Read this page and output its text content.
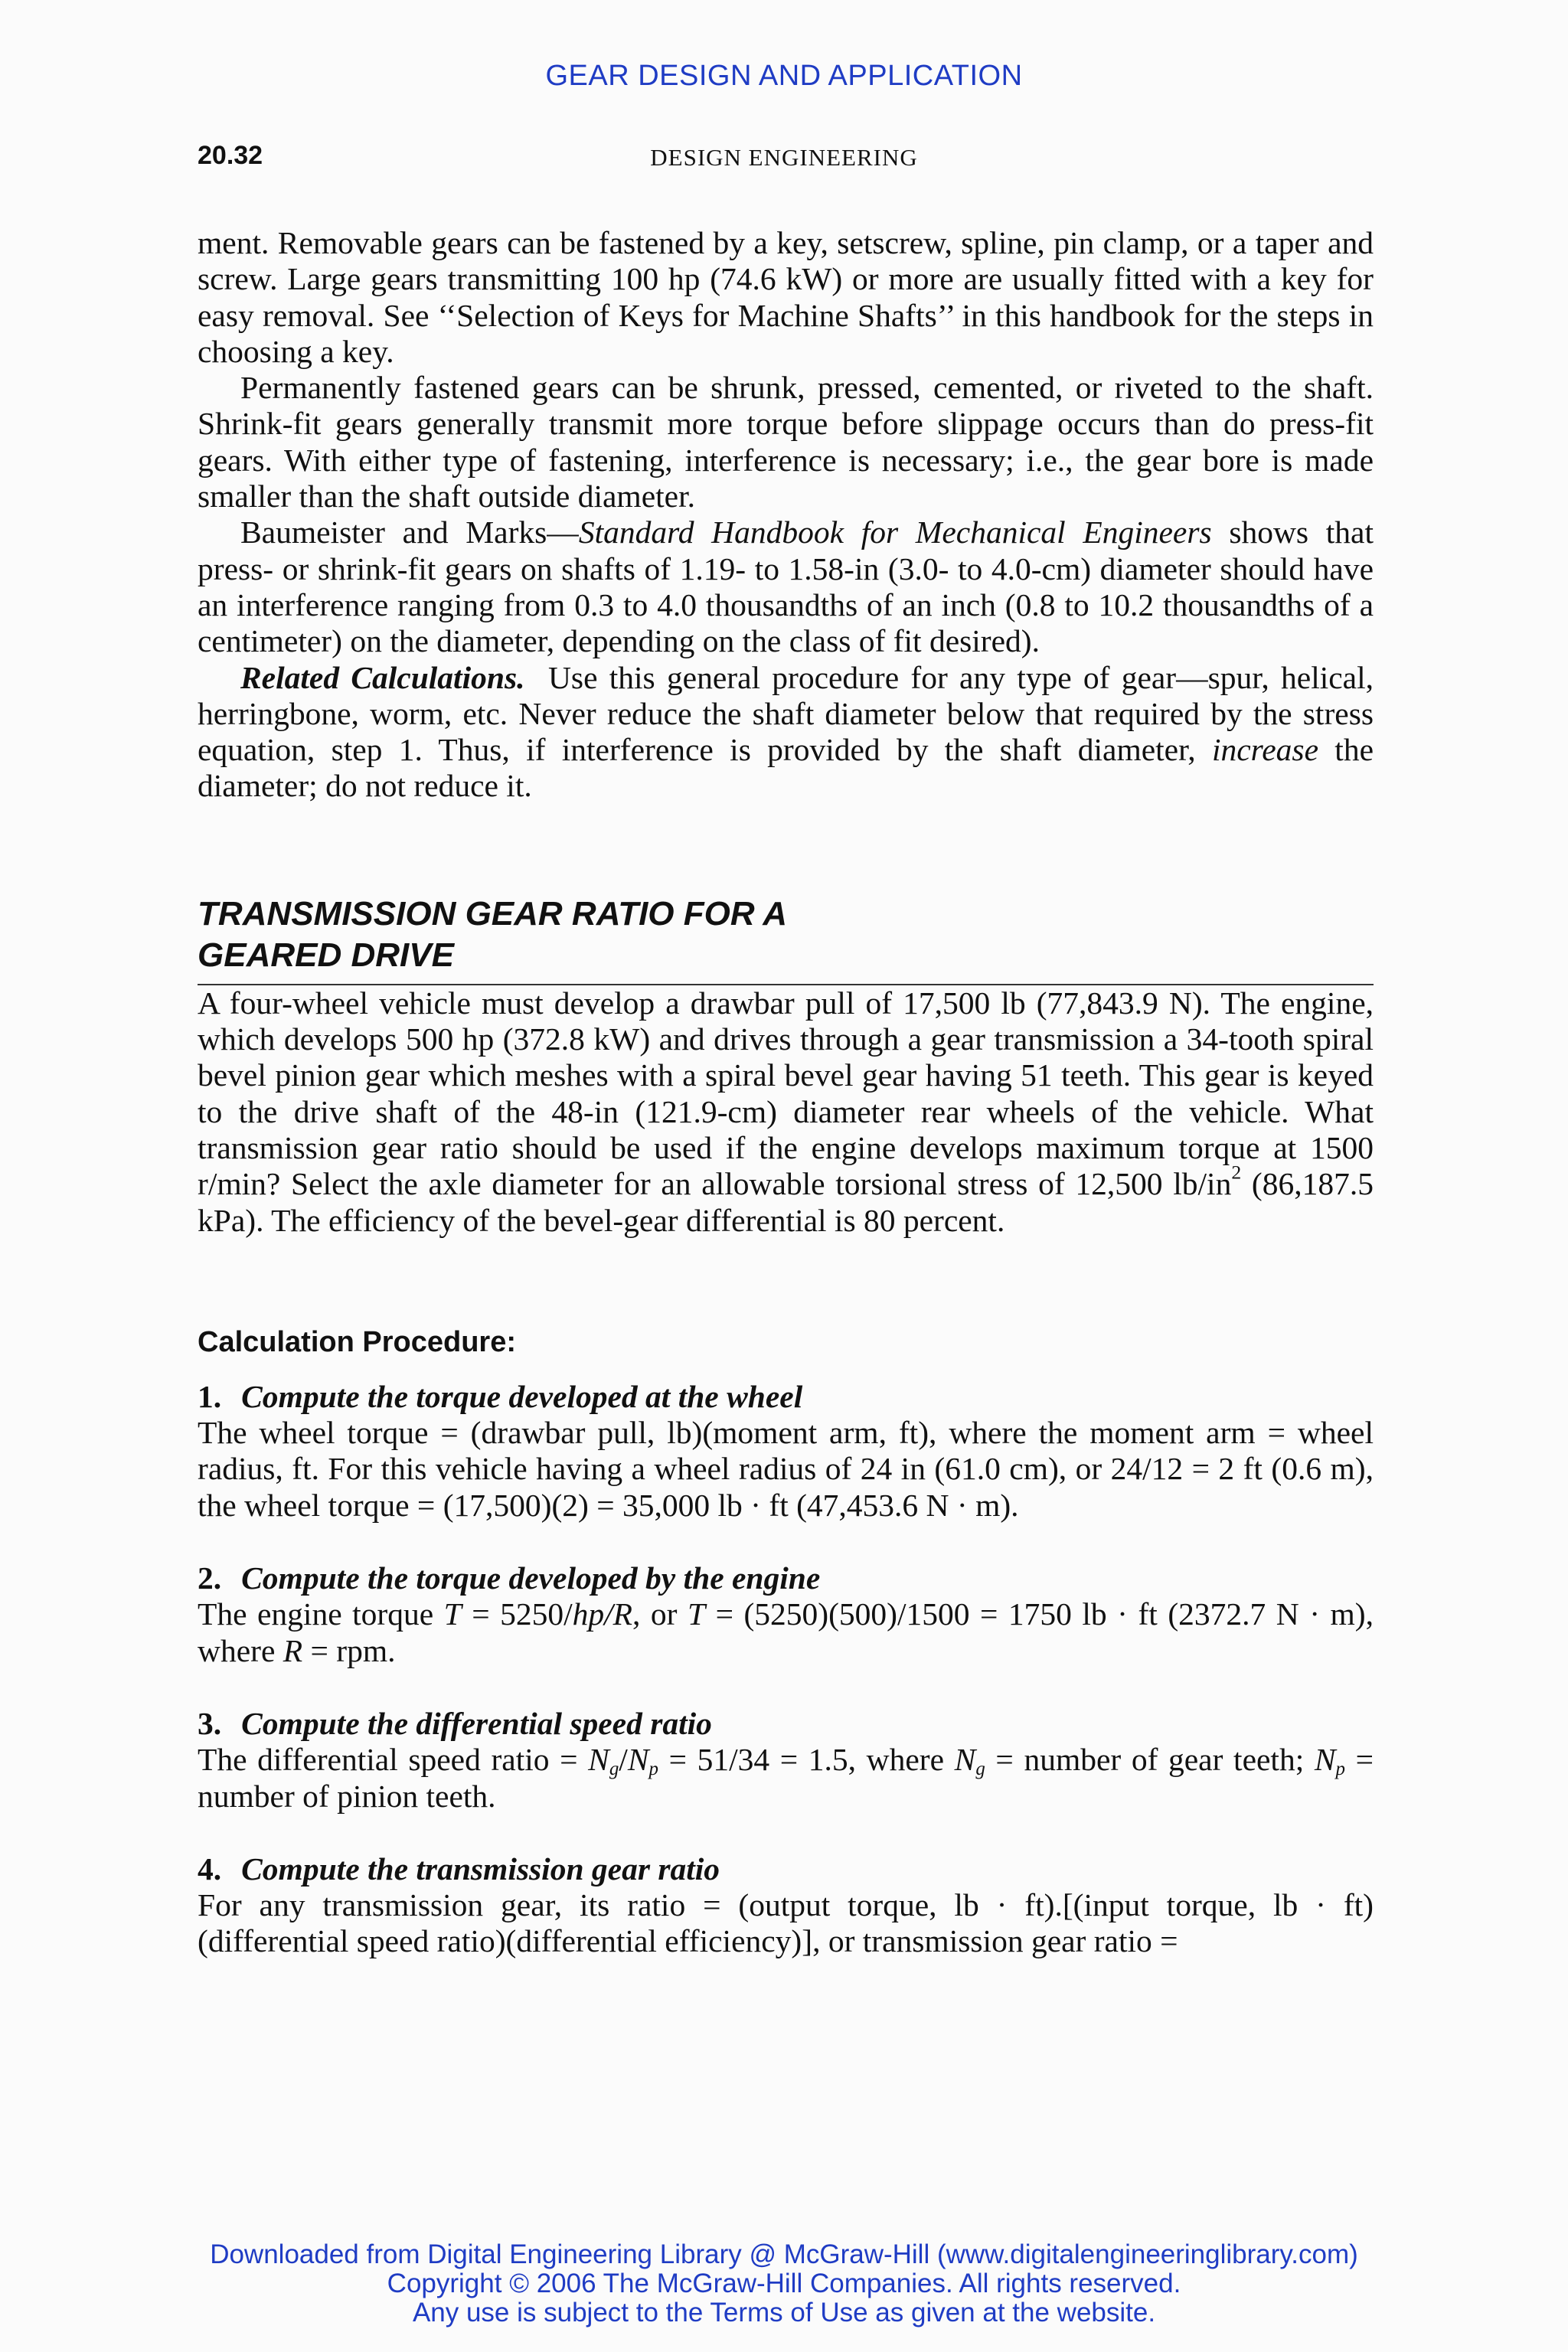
GEAR DESIGN AND APPLICATION
20.32	DESIGN ENGINEERING

ment. Removable gears can be fastened by a key, setscrew, spline, pin clamp, or a taper and screw. Large gears transmitting 100 hp (74.6 kW) or more are usually fitted with a key for easy removal. See ‘‘Selection of Keys for Machine Shafts’’ in this handbook for the steps in choosing a key.

Permanently fastened gears can be shrunk, pressed, cemented, or riveted to the shaft. Shrink-fit gears generally transmit more torque before slippage occurs than do press-fit gears. With either type of fastening, interference is necessary; i.e., the gear bore is made smaller than the shaft outside diameter.

Baumeister and Marks—Standard Handbook for Mechanical Engineers shows that press- or shrink-fit gears on shafts of 1.19- to 1.58-in (3.0- to 4.0-cm) diameter should have an interference ranging from 0.3 to 4.0 thousandths of an inch (0.8 to 10.2 thousandths of a centimeter) on the diameter, depending on the class of fit desired).

Related Calculations.  Use this general procedure for any type of gear—spur, helical, herringbone, worm, etc. Never reduce the shaft diameter below that required by the stress equation, step 1. Thus, if interference is provided by the shaft diameter, increase the diameter; do not reduce it.

TRANSMISSION GEAR RATIO FOR A
GEARED DRIVE

A four-wheel vehicle must develop a drawbar pull of 17,500 lb (77,843.9 N). The engine, which develops 500 hp (372.8 kW) and drives through a gear transmission a 34-tooth spiral bevel pinion gear which meshes with a spiral bevel gear having 51 teeth. This gear is keyed to the drive shaft of the 48-in (121.9-cm) diameter rear wheels of the vehicle. What transmission gear ratio should be used if the engine develops maximum torque at 1500 r/min? Select the axle diameter for an allowable torsional stress of 12,500 $lb/in^2$ (86,187.5 kPa). The efficiency of the bevel-gear differential is 80 percent.

Calculation Procedure:
1. Compute the torque developed at the wheel

The wheel torque = (drawbar pull, lb)(moment arm, ft), where the moment arm = wheel radius, ft. For this vehicle having a wheel radius of 24 in (61.0 cm), or 24/12 = 2 ft (0.6 m), the wheel torque = (17,500)(2) = 35,000 lb · ft (47,453.6 N · m).

2. Compute the torque developed by the engine

The engine torque T = 5250/hp/R, or T = (5250)(500)/1500 = 1750 lb · ft (2372.7 N · m), where R = rpm.

3. Compute the differential speed ratio

The differential speed ratio = $N_g/N_p = 51/34 = 1.5$, where $N_g$ = number of gear teeth; $N_p$ = number of pinion teeth.

4. Compute the transmission gear ratio

For any transmission gear, its ratio = (output torque, lb · ft).[(input torque, lb · ft)(differential speed ratio)(differential efficiency)], or transmission gear ratio =

Downloaded from Digital Engineering Library @ McGraw-Hill (www.digitalengineeringlibrary.com)
Copyright © 2006 The McGraw-Hill Companies. All rights reserved.
Any use is subject to the Terms of Use as given at the website.
